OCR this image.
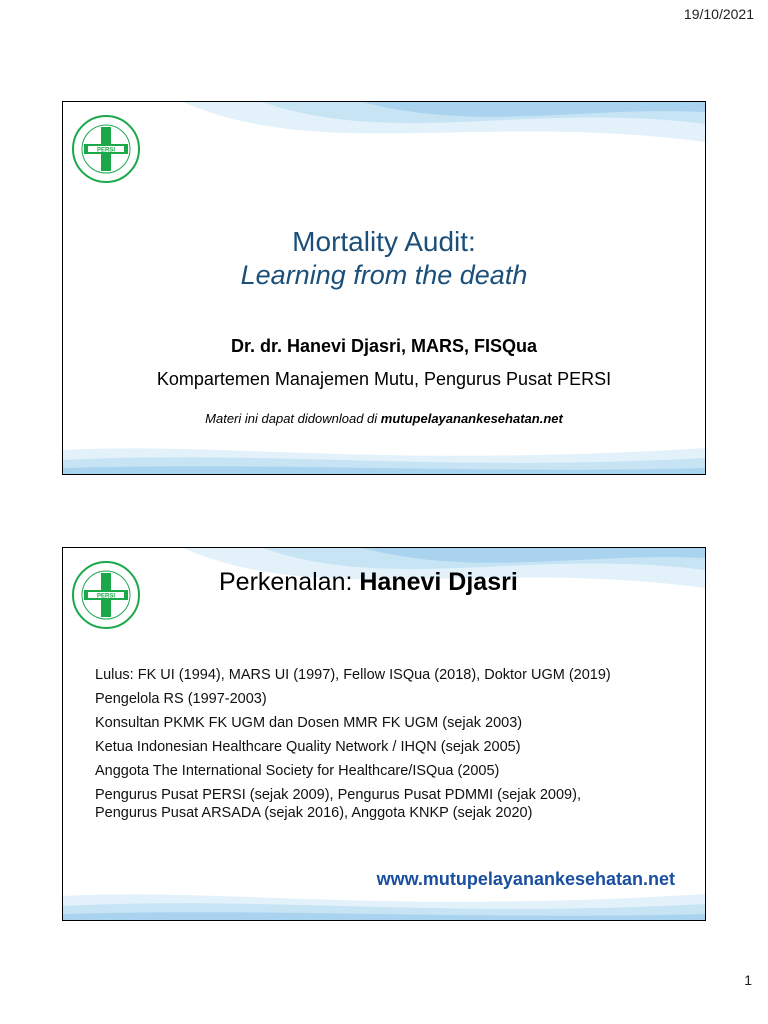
19/10/2021
PERSI
Mortality Audit:
Learning from the death
Dr. dr. Hanevi Djasri, MARS, FISQua
Kompartemen Manajemen Mutu, Pengurus Pusat PERSI
Materi ini dapat didownload di mutupelayanankesehatan.net
PERSI
Perkenalan: Hanevi Djasri
Lulus: FK UI (1994), MARS UI (1997), Fellow ISQua (2018), Doktor UGM (2019)
Pengelola RS (1997-2003)
Konsultan PKMK FK UGM dan Dosen MMR FK UGM (sejak 2003)
Ketua Indonesian Healthcare Quality Network / IHQN (sejak 2005)
Anggota The International Society for Healthcare/ISQua (2005)
Pengurus Pusat PERSI (sejak 2009), Pengurus Pusat PDMMI (sejak 2009),
Pengurus Pusat ARSADA (sejak 2016), Anggota KNKP (sejak 2020)
www.mutupelayanankesehatan.net
1
